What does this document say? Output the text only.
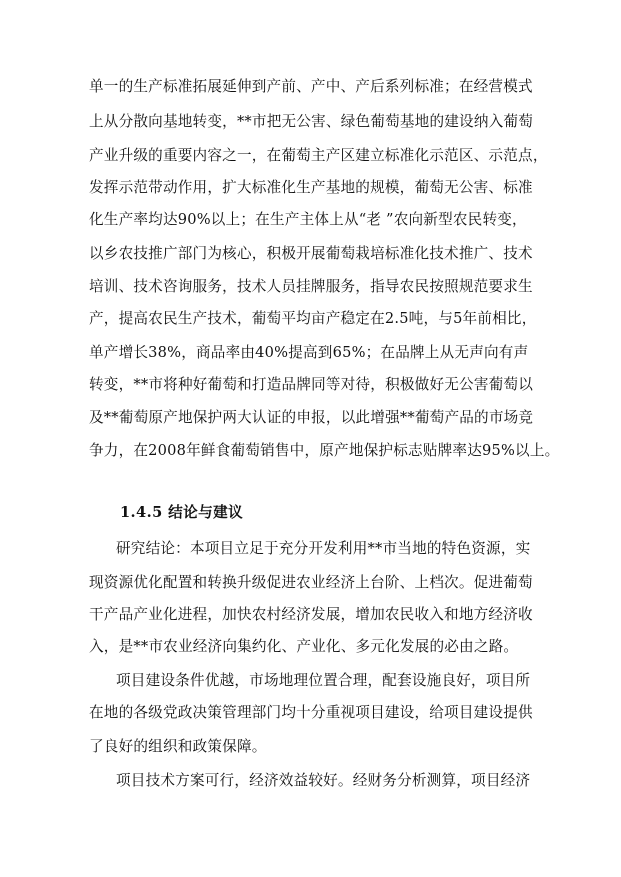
单一的生产标准拓展延伸到产前、产中、产后系列标准；在经营模式
上从分散向基地转变，**市把无公害、绿色葡萄基地的建设纳入葡萄
产业升级的重要内容之一，在葡萄主产区建立标准化示范区、示范点，
发挥示范带动作用，扩大标准化生产基地的规模，葡萄无公害、标准
化生产率均达90%以上；在生产主体上从“老 ”农向新型农民转变，
以乡农技推广部门为核心，积极开展葡萄栽培标准化技术推广、技术
培训、技术咨询服务，技术人员挂牌服务，指导农民按照规范要求生
产，提高农民生产技术，葡萄平均亩产稳定在2.5吨，与5年前相比，
单产增长38%，商品率由40%提高到65%；在品牌上从无声向有声
转变，**市将种好葡萄和打造品牌同等对待，积极做好无公害葡萄以
及**葡萄原产地保护两大认证的申报，以此增强**葡萄产品的市场竞
争力，在2008年鲜食葡萄销售中，原产地保护标志贴牌率达95%以上。
1.4.5 结论与建议
研究结论：本项目立足于充分开发利用**市当地的特色资源，实
现资源优化配置和转换升级促进农业经济上台阶、上档次。促进葡萄
干产品产业化进程，加快农村经济发展，增加农民收入和地方经济收
入，是**市农业经济向集约化、产业化、多元化发展的必由之路。
项目建设条件优越，市场地理位置合理，配套设施良好，项目所
在地的各级党政决策管理部门均十分重视项目建设，给项目建设提供
了良好的组织和政策保障。
项目技术方案可行，经济效益较好。经财务分析测算，项目经济
